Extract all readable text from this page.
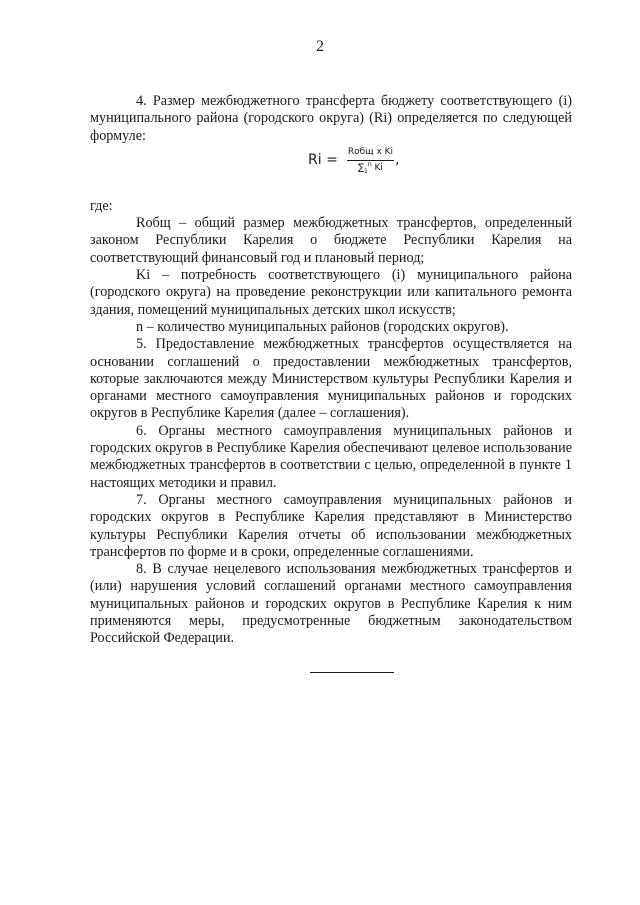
2

4. Размер межбюджетного трансферта бюджету соответствующего (i) муниципального района (городского округа) (Ri) определяется по следующей формуле:

$Ri = \frac{\text{Rобщ x Ki}}{\sum_1^n Ki}$ ,

где:

Rобщ – общий размер межбюджетных трансфертов, определенный законом Республики Карелия о бюджете Республики Карелия на соответствующий финансовый год и плановый период;

Ki – потребность соответствующего (i) муниципального района (городского округа) на проведение реконструкции или капитального ремонта здания, помещений муниципальных детских школ искусств;

n – количество муниципальных районов (городских округов).

5. Предоставление межбюджетных трансфертов осуществляется на основании соглашений о предоставлении межбюджетных трансфертов, которые заключаются между Министерством культуры Республики Карелия и органами местного самоуправления муниципальных районов и городских округов в Республике Карелия (далее – соглашения).

6. Органы местного самоуправления муниципальных районов и городских округов в Республике Карелия обеспечивают целевое использование межбюджетных трансфертов в соответствии с целью, определенной в пункте 1 настоящих методики и правил.

7. Органы местного самоуправления муниципальных районов и городских округов в Республике Карелия представляют в Министерство культуры Республики Карелия отчеты об использовании межбюджетных трансфертов по форме и в сроки, определенные соглашениями.

8. В случае нецелевого использования межбюджетных трансфертов и (или) нарушения условий соглашений органами местного самоуправления муниципальных районов и городских округов в Республике Карелия к ним применяются меры, предусмотренные бюджетным законодательством Российской Федерации.
